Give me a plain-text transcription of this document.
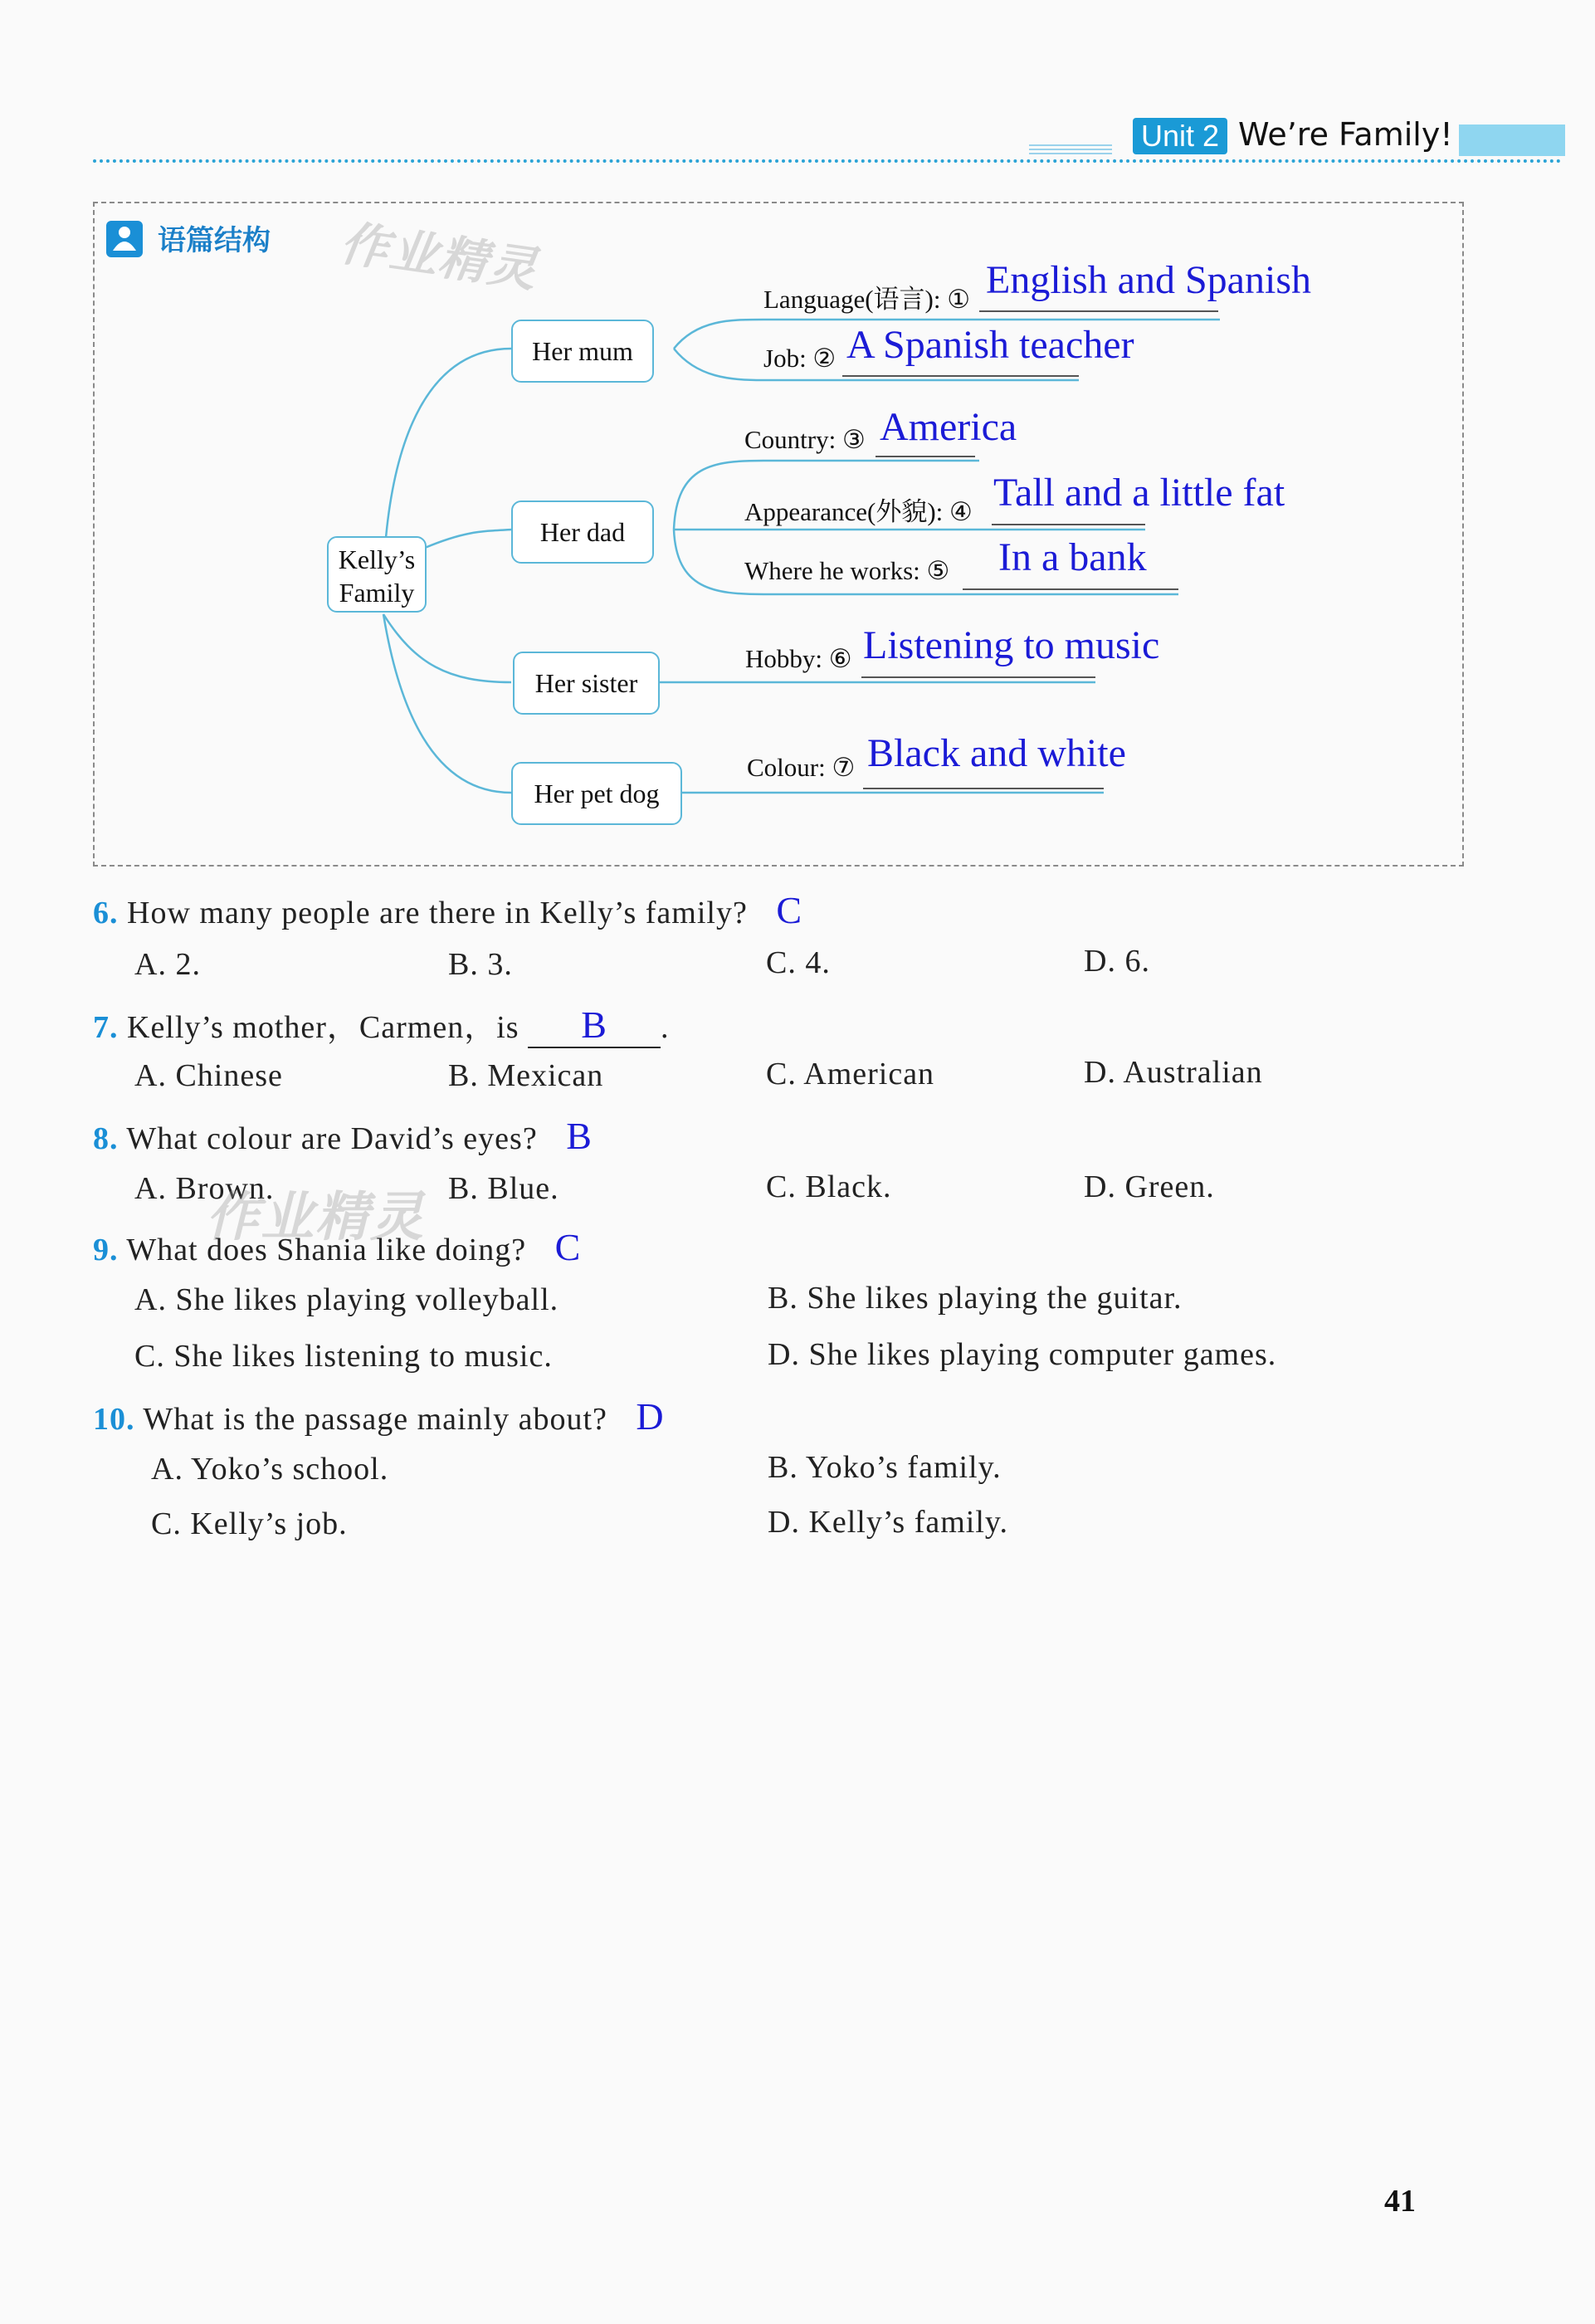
Unit 2 We’re Family!
语篇结构 作业精灵
Kelly’s Family
Her mum
Her dad
Her sister
Her pet dog
Language(语言): ① English and Spanish
Job: ② A Spanish teacher
Country: ③ America
Appearance(外貌): ④ Tall and a little fat
Where he works: ⑤ In a bank
Hobby: ⑥ Listening to music
Colour: ⑦ Black and white
6. How many people are there in Kelly’s family? C
A. 2.	B. 3.	C. 4.	D. 6.
7. Kelly’s mother，Carmen，is B .
A. Chinese	B. Mexican	C. American	D. Australian
8. What colour are David’s eyes? B
A. Brown.	B. Blue.	C. Black.	D. Green.
作业精灵
9. What does Shania like doing? C
A. She likes playing volleyball.	B. She likes playing the guitar.
C. She likes listening to music.	D. She likes playing computer games.
10. What is the passage mainly about? D
A. Yoko’s school.	B. Yoko’s family.
C. Kelly’s job.	D. Kelly’s family.
41
